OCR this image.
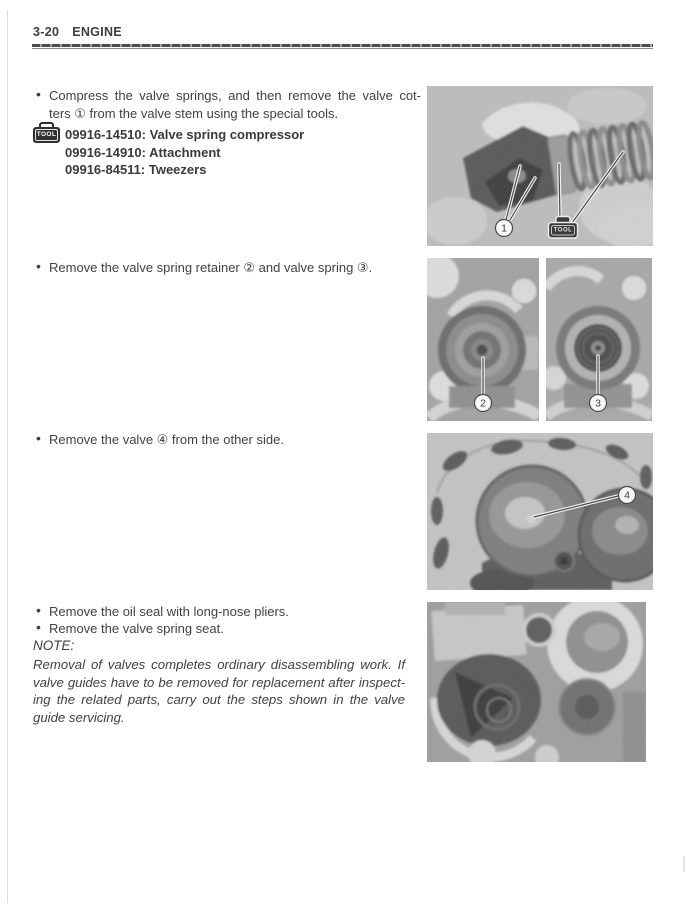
3-20 ENGINE
• Compress the valve springs, and then remove the valve cot-
ters ① from the valve stem using the special tools.
TOOL 09916-14510: Valve spring compressor
09916-14910: Attachment
09916-84511: Tweezers
• Remove the valve spring retainer ② and valve spring ③.
• Remove the valve ④ from the other side.
• Remove the oil seal with long-nose pliers.
• Remove the valve spring seat.
NOTE:
Removal of valves completes ordinary disassembling work. If
valve guides have to be removed for replacement after inspect-
ing the related parts, carry out the steps shown in the valve
guide servicing.
1	TOOL
2	3
4
